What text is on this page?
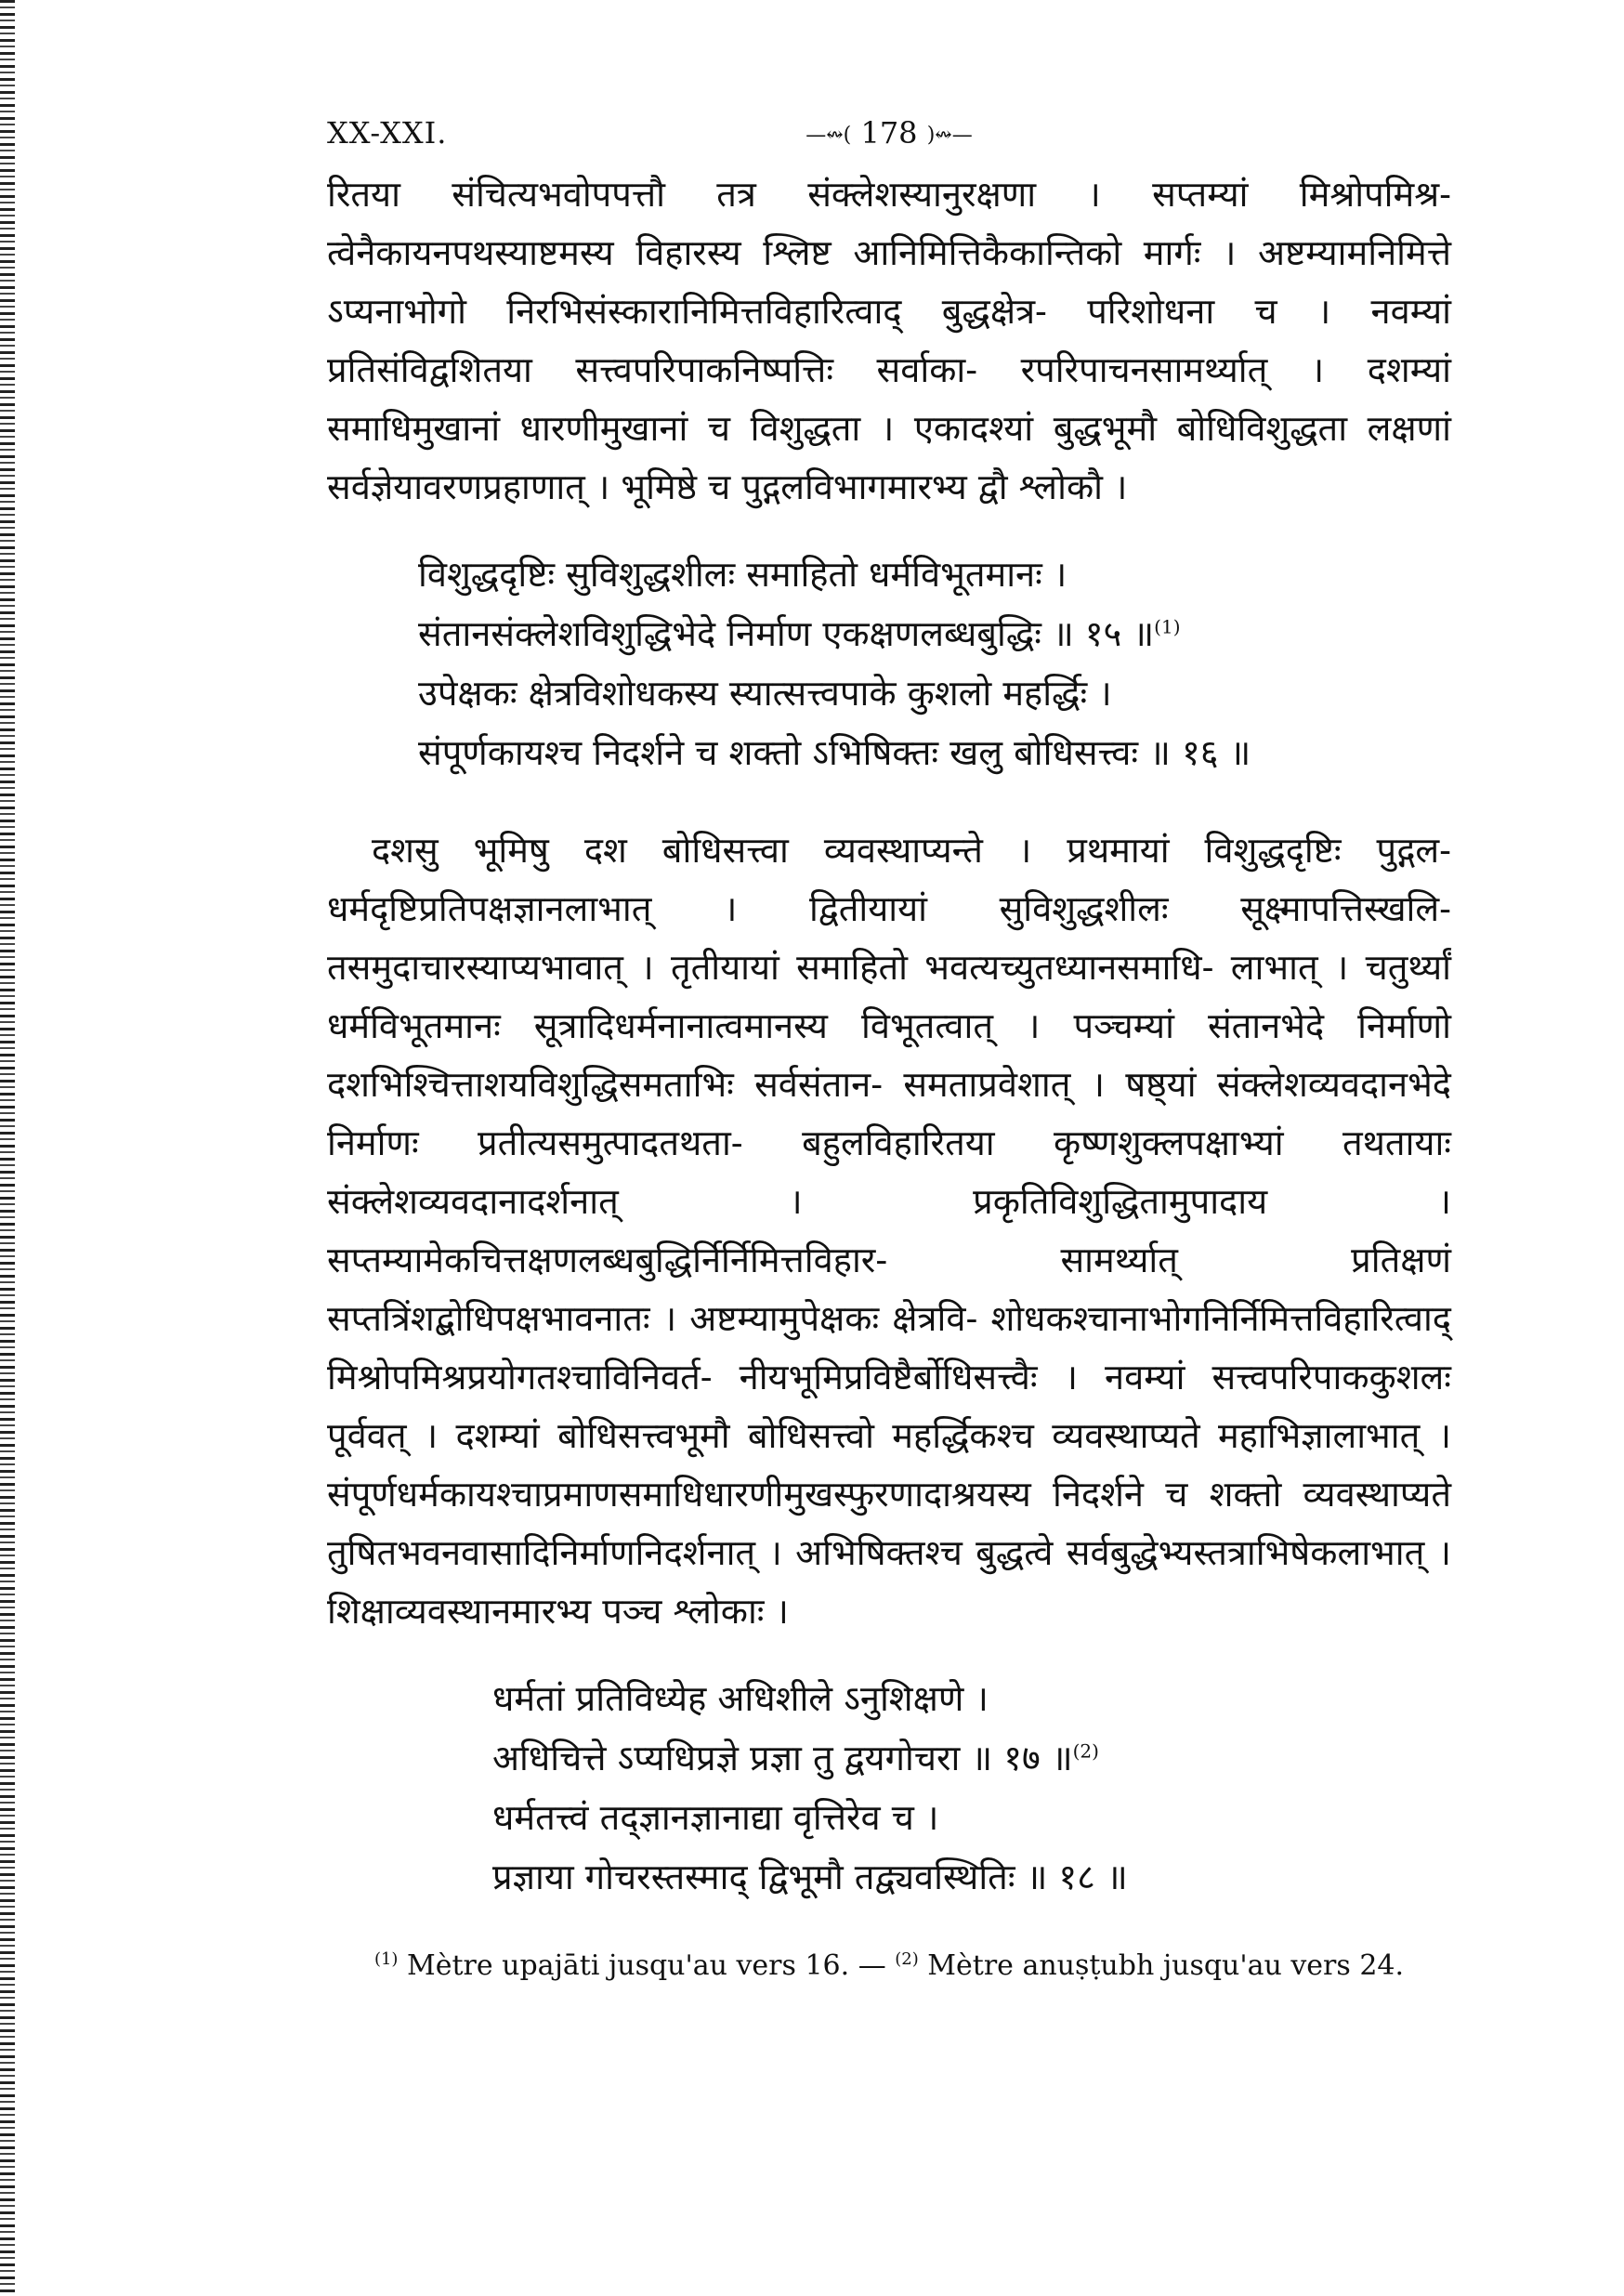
XX-XXI.	—↭( 178 )↭—

रितया संचित्यभवोपपत्तौ तत्र संक्लेशस्यानुरक्षणा । सप्तम्यां मिश्रोपमिश्र- त्वेनैकायनपथस्याष्टमस्य विहारस्य श्लिष्ट आनिमित्तिकैकान्तिको मार्गः । अष्टम्यामनिमित्ते ऽप्यनाभोगो निरभिसंस्कारानिमित्तविहारित्वाद् बुद्धक्षेत्र- परिशोधना च । नवम्यां प्रतिसंविद्वशितया सत्त्वपरिपाकनिष्पत्तिः सर्वाका- रपरिपाचनसामर्थ्यात् । दशम्यां समाधिमुखानां धारणीमुखानां च विशुद्धता । एकादश्यां बुद्धभूमौ बोधिविशुद्धता लक्षणां सर्वज्ञेयावरणप्रहाणात् । भूमिष्ठे च पुद्गलविभागमारभ्य द्वौ श्लोकौ ।

विशुद्धदृष्टिः सुविशुद्धशीलः समाहितो धर्मविभूतमानः ।
संतानसंक्लेशविशुद्धिभेदे निर्माण एकक्षणलब्धबुद्धिः ॥ १५ ॥$^{(1)}$
उपेक्षकः क्षेत्रविशोधकस्य स्यात्सत्त्वपाके कुशलो महर्द्धिः ।
संपूर्णकायश्च निदर्शने च शक्तो ऽभिषिक्तः खलु बोधिसत्त्वः ॥ १६ ॥

दशसु भूमिषु दश बोधिसत्त्वा व्यवस्थाप्यन्ते । प्रथमायां विशुद्धदृष्टिः पुद्गल- धर्मदृष्टिप्रतिपक्षज्ञानलाभात् । द्वितीयायां सुविशुद्धशीलः सूक्ष्मापत्तिस्खलि- तसमुदाचारस्याप्यभावात् । तृतीयायां समाहितो भवत्यच्युतध्यानसमाधि- लाभात् । चतुर्थ्यां धर्मविभूतमानः सूत्रादिधर्मनानात्वमानस्य विभूतत्वात् । पञ्चम्यां संतानभेदे निर्माणो दशभिश्चित्ताशयविशुद्धिसमताभिः सर्वसंतान- समताप्रवेशात् । षष्ठ्यां संक्लेशव्यवदानभेदे निर्माणः प्रतीत्यसमुत्पादतथता- बहुलविहारितया कृष्णशुक्लपक्षाभ्यां तथतायाः संक्लेशव्यवदानादर्शनात् ।	प्रकृतिविशुद्धितामुपादाय । सप्तम्यामेकचित्तक्षणलब्धबुद्धिर्निर्निमित्तविहार-	सामर्थ्यात् प्रतिक्षणं सप्तत्रिंशद्बोधिपक्षभावनातः । अष्टम्यामुपेक्षकः क्षेत्रवि- शोधकश्चानाभोगनिर्निमित्तविहारित्वाद् मिश्रोपमिश्रप्रयोगतश्चाविनिवर्त- नीयभूमिप्रविष्टैर्बोधिसत्त्वैः । नवम्यां सत्त्वपरिपाककुशलः पूर्ववत् । दशम्यां बोधिसत्त्वभूमौ बोधिसत्त्वो महर्द्धिकश्च व्यवस्थाप्यते महाभिज्ञालाभात् । संपूर्णधर्मकायश्चाप्रमाणसमाधिधारणीमुखस्फुरणादाश्रयस्य निदर्शने च शक्तो व्यवस्थाप्यते तुषितभवनवासादिनिर्माणनिदर्शनात् । अभिषिक्तश्च बुद्धत्वे सर्वबुद्धेभ्यस्तत्राभिषेकलाभात् । शिक्षाव्यवस्थानमारभ्य पञ्च श्लोकाः ।

धर्मतां प्रतिविध्येह अधिशीले ऽनुशिक्षणे ।
अधिचित्ते ऽप्यधिप्रज्ञे प्रज्ञा तु द्वयगोचरा ॥ १७ ॥$^{(2)}$
धर्मतत्त्वं तद्ज्ञानज्ञानाद्या वृत्तिरेव च ।
प्रज्ञाया गोचरस्तस्माद् द्विभूमौ तद्व्यवस्थितिः ॥ १८ ॥
$^{(1)}$ Mètre upajāti jusqu'au vers 16. — $^{(2)}$ Mètre anuṣṭubh jusqu'au vers 24.
